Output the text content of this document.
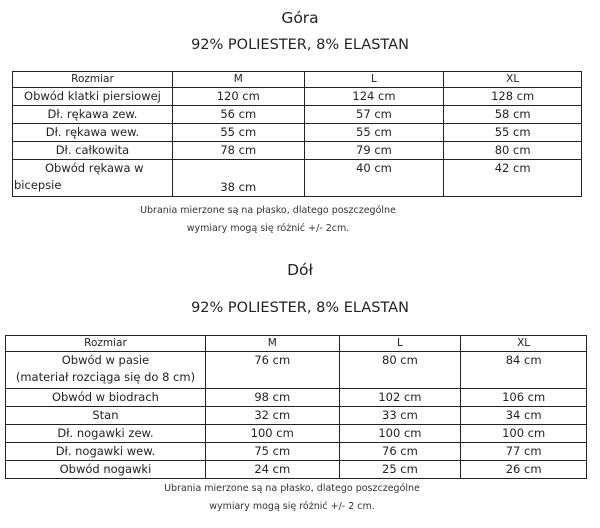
Góra
92% POLIESTER, 8% ELASTAN
Rozmiar	M	L	XL
Obwód klatki piersiowej	120 cm	124 cm	128 cm
Dł. rękawa zew.	56 cm	57 cm	58 cm
Dł. rękawa wew.	55 cm	55 cm	55 cm
Dł. całkowita	78 cm	79 cm	80 cm

Obwód rękawa w
bicepsie	38 cm	40 cm	42 cm
Ubrania mierzone są na płasko, dlatego poszczególne
wymiary mogą się różnić +/- 2cm.
Dół
92% POLIESTER, 8% ELASTAN
Rozmiar	M	L	XL

Obwód w pasie
(materiał rozciąga się do 8 cm)	76 cm	80 cm	84 cm
Obwód w biodrach	98 cm	102 cm	106 cm
Stan	32 cm	33 cm	34 cm
Dł. nogawki zew.	100 cm	100 cm	100 cm
Dł. nogawki wew.	75 cm	76 cm	77 cm
Obwód nogawki	24 cm	25 cm	26 cm
Ubrania mierzone są na płasko, dlatego poszczególne
wymiary mogą się różnić +/- 2 cm.
